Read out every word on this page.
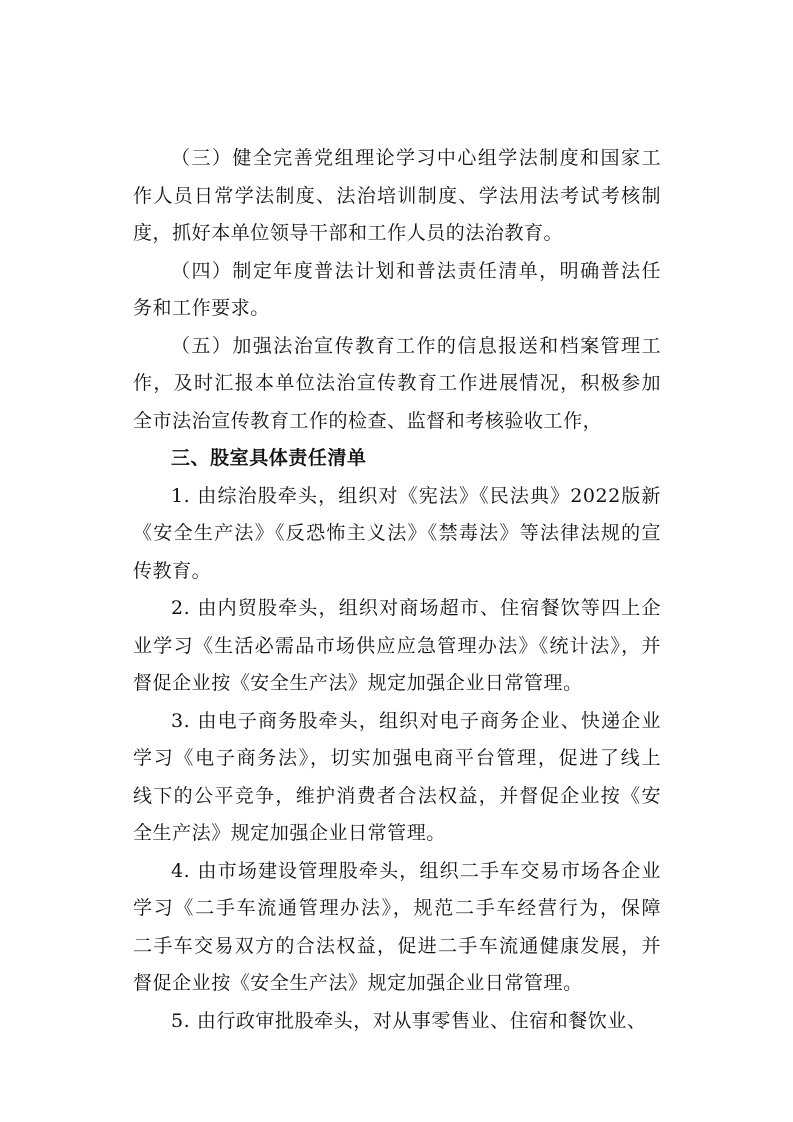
（三）健全完善党组理论学习中心组学法制度和国家工
作人员日常学法制度、法治培训制度、学法用法考试考核制
度，抓好本单位领导干部和工作人员的法治教育。
（四）制定年度普法计划和普法责任清单，明确普法任
务和工作要求。
（五）加强法治宣传教育工作的信息报送和档案管理工
作，及时汇报本单位法治宣传教育工作进展情况，积极参加
全市法治宣传教育工作的检查、监督和考核验收工作，
三、股室具体责任清单
1. 由综治股牵头，组织对《宪法》《民法典》2022版新
《安全生产法》《反恐怖主义法》《禁毒法》等法律法规的宣
传教育。
2. 由内贸股牵头，组织对商场超市、住宿餐饮等四上企
业学习《生活必需品市场供应应急管理办法》《统计法》，并
督促企业按《安全生产法》规定加强企业日常管理。
3. 由电子商务股牵头，组织对电子商务企业、快递企业
学习《电子商务法》，切实加强电商平台管理，促进了线上
线下的公平竞争，维护消费者合法权益，并督促企业按《安
全生产法》规定加强企业日常管理。
4. 由市场建设管理股牵头，组织二手车交易市场各企业
学习《二手车流通管理办法》，规范二手车经营行为，保障
二手车交易双方的合法权益，促进二手车流通健康发展，并
督促企业按《安全生产法》规定加强企业日常管理。
5. 由行政审批股牵头，对从事零售业、住宿和餐饮业、
